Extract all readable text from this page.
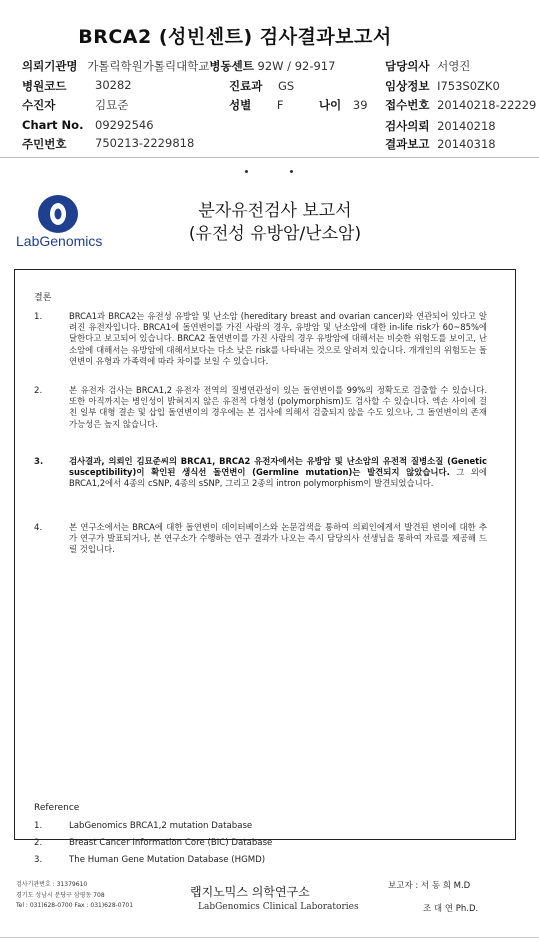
BRCA2 (성빈센트) 검사결과보고서
의뢰기관명 가톨릭학원가톨릭대학교병동센트 92W / 92-917	담당의사 서영진
병원코드 30282	진료과 GS	임상정보 I753S0ZK0
수진자	김묘준	성별 F	나이 39 접수번호 20140218-22229
Chart No. 09292546	검사의뢰 20140218
주민번호 750213-2229818	결과보고 20140318
LabGenomics
분자유전검사 보고서
(유전성 유방암/난소암)
결론
1.	BRCA1과 BRCA2는 유전성 유방암 및 난소암 (hereditary breast and ovarian cancer)와 연관되어 있다고 알려진 유전자입니다. BRCA1에 돌연변이를 가진 사람의 경우, 유방암 및 난소암에 대한 in-life risk가 60~85%에 달한다고 보고되어 있습니다. BRCA2 돌연변이를 가진 사람의 경우 유방암에 대해서는 비슷한 위험도를 보이고, 난소암에 대해서는 유방암에 대해서보다는 다소 낮은 risk를 나타내는 것으로 알려져 있습니다. 개개인의 위험도는 돌연변이 유형과 가족력에 따라 차이를 보일 수 있습니다.
2.	본 유전자 검사는 BRCA1,2 유전자 전역의 질병연관성이 있는 돌연변이를 99%의 정확도로 검출할 수 있습니다. 또한 아직까지는 병인성이 밝혀지지 않은 유전적 다형성 (polymorphism)도 검사할 수 있습니다. 엑손 사이에 걸친 일부 대형 결손 및 삽입 돌연변이의 경우에는 본 검사에 의해서 검출되지 않을 수도 있으나, 그 돌연변이의 존재 가능성은 높지 않습니다.
3.	검사결과, 의뢰인 김묘준씨의 BRCA1, BRCA2 유전자에서는 유방암 및 난소암의 유전적 질병소질 (Genetic susceptibility)이 확인된 생식선 돌연변이 (Germline mutation)는 발견되지 않았습니다. 그 외에 BRCA1,2에서 4종의 cSNP, 4종의 sSNP, 그리고 2종의 intron polymorphism이 발견되었습니다.
4.	본 연구소에서는 BRCA에 대한 돌연변이 데이터베이스와 논문검색을 통하여 의뢰인에게서 발견된 변이에 대한 추가 연구가 발표되거나, 본 연구소가 수행하는 연구 결과가 나오는 즉시 담당의사 선생님을 통하여 자료를 제공해 드릴 것입니다.
Reference
1.	LabGenomics BRCA1,2 mutation Database
2.	Breast Cancer Information Core (BIC) Database
3.	The Human Gene Mutation Database (HGMD)
검사기관번호 : 31379610
경기도 성남시 분당구 삼평동 708
Tel : 031)628-0700 Fax : 031)628-0701
랩지노믹스 의학연구소
LabGenomics Clinical Laboratories
보고자 : 서 동 희 M.D
조 대 연 Ph.D.
